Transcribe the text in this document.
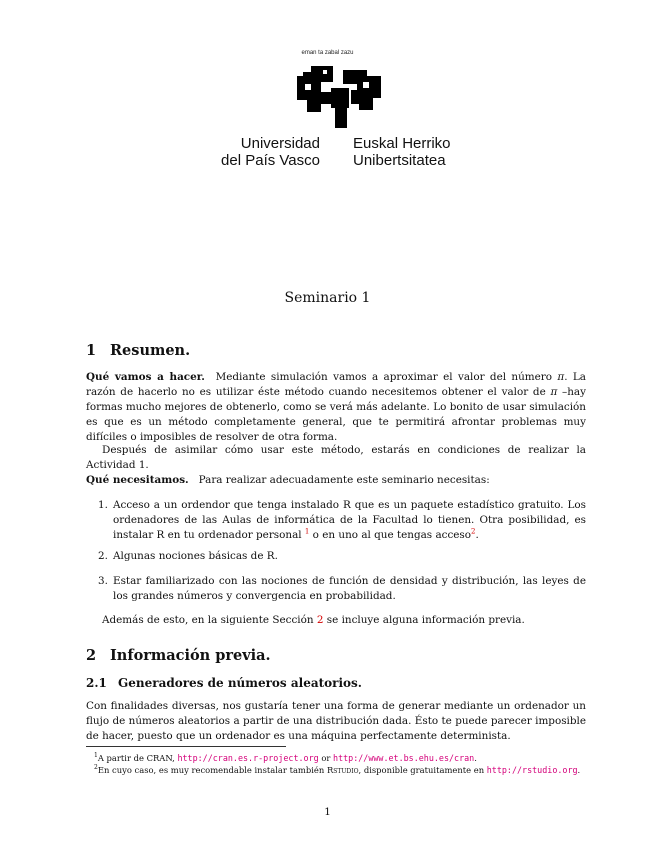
eman ta zabal zazu
Universidad
del País Vasco
Euskal Herriko
Unibertsitatea
Seminario 1
1 Resumen.
Qué vamos a hacer. Mediante simulación vamos a aproximar el valor del número π. La razón de hacerlo no es utilizar éste método cuando necesitemos obtener el valor de π –hay formas mucho mejores de obtenerlo, como se verá más adelante. Lo bonito de usar simulación es que es un método completamente general, que te permitirá afrontar problemas muy difíciles o imposibles de resolver de otra forma.
Después de asimilar cómo usar este método, estarás en condiciones de realizar la Actividad 1.
Qué necesitamos. Para realizar adecuadamente este seminario necesitas:
1. Acceso a un ordendor que tenga instalado R que es un paquete estadístico gratuito. Los ordenadores de las Aulas de informática de la Facultad lo tienen. Otra posibilidad, es instalar R en tu ordenador personal $^1$ o en uno al que tengas acceso$^2$.
2. Algunas nociones básicas de R.
3. Estar familiarizado con las nociones de función de densidad y distribución, las leyes de los grandes números y convergencia en probabilidad.
Además de esto, en la siguiente Sección 2 se incluye alguna información previa.
2 Información previa.
2.1 Generadores de números aleatorios.
Con finalidades diversas, nos gustaría tener una forma de generar mediante un ordenador un flujo de números aleatorios a partir de una distribución dada. Ésto te puede parecer imposible de hacer, puesto que un ordenador es una máquina perfectamente determinista.
$^1$A partir de CRAN, http://cran.es.r-project.org or http://www.et.bs.ehu.es/cran.
$^2$En cuyo caso, es muy recomendable instalar también Rstudio, disponible gratuitamente en http://rstudio.org.
1
